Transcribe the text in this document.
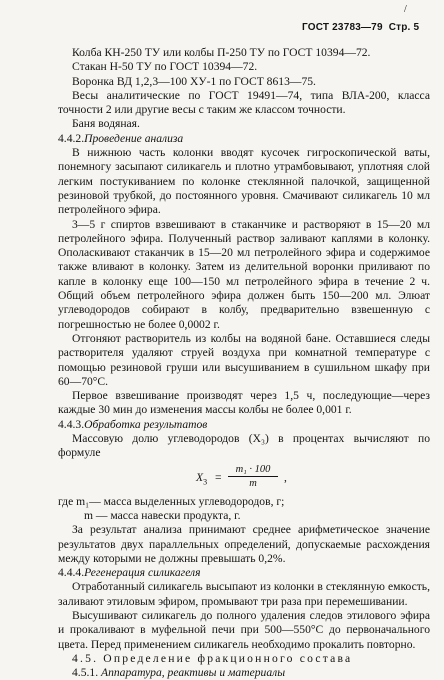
/
ГОСТ 23783—79 Стр. 5

Колба КН-250 ТУ или колбы П-250 ТУ по ГОСТ 10394—72.

Стакан Н-50 ТУ по ГОСТ 10394—72.

Воронка ВД 1,2,3—100 ХУ-1 по ГОСТ 8613—75.

Весы аналитические по ГОСТ 19491—74, типа ВЛА-200, класса точности 2 или другие весы с таким же классом точности.

Баня водяная.

4.4.2.Проведение анализа

В нижнюю часть колонки вводят кусочек гигроскопической ваты, понемногу засыпают силикагель и плотно утрамбовывают, уплотняя слой легким постукиванием по колонке стеклянной палочкой, защищенной резиновой трубкой, до постоянного уровня. Смачивают силикагель 10 мл петролейного эфира.

3—5 г спиртов взвешивают в стаканчике и растворяют в 15—20 мл петролейного эфира. Полученный раствор заливают каплями в колонку. Ополаскивают стаканчик в 15—20 мл петролейного эфира и содержимое также вливают в колонку. Затем из делительной воронки приливают по капле в колонку еще 100—150 мл петролейного эфира в течение 2 ч. Общий объем петролейного эфира должен быть 150—200 мл. Элюат углеводородов собирают в колбу, предварительно взвешенную с погрешностью не более 0,0002 г.

Отгоняют растворитель из колбы на водяной бане. Оставшиеся следы растворителя удаляют струей воздуха при комнатной температуре с помощью резиновой груши или высушиванием в сушильном шкафу при 60—70°С.

Первое взвешивание производят через 1,5 ч, последующие—через каждые 30 мин до изменения массы колбы не более 0,001 г.

4.4.3.Обработка результатов

Массовую долю углеводородов (X₃) в процентах вычисляют по формуле

$X_3 = \frac{\text{m₁ · 100}}{m}$ ,

где m₁— масса выделенных углеводородов, г;

m — масса навески продукта, г.

За результат анализа принимают среднее арифметическое значение результатов двух параллельных определений, допускаемые расхождения между которыми не должны превышать 0,2%.

4.4.4.Регенерация силикагеля

Отработанный силикагель высыпают из колонки в стеклянную емкость, заливают этиловым эфиром, промывают три раза при перемешивании.

Высушивают силикагель до полного удаления следов этилового эфира и прокаливают в муфельной печи при 500—550°С до первоначального цвета. Перед применением силикагель необходимо прокалить повторно.

4.5. Определение фракционного состава

4.5.1. Аппаратура, реактивы и материалы
